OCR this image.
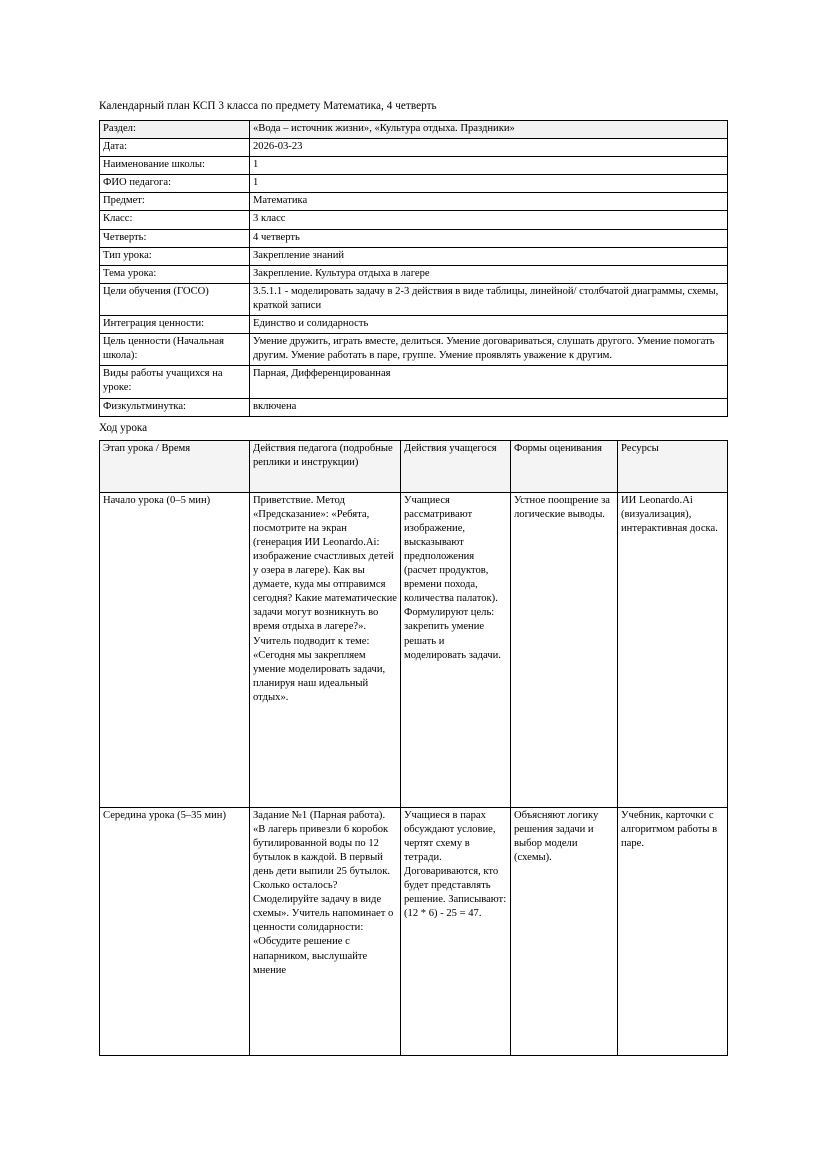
Календарный план КСП 3 класса по предмету Математика, 4 четверть
Раздел:	«Вода – источник жизни», «Культура отдыха. Праздники»
Дата:	2026-03-23
Наименование школы:	1
ФИО педагога:	1
Предмет:	Математика
Класс:	3 класс
Четверть:	4 четверть
Тип урока:	Закрепление знаний
Тема урока:	Закрепление. Культура отдыха в лагере
Цели обучения (ГОСО)	3.5.1.1 - моделировать задачу в 2-3 действия в виде таблицы, линейной/ столбчатой диаграммы, схемы, краткой записи
Интеграция ценности:	Единство и солидарность
Цель ценности (Начальная школа):	Умение дружить, играть вместе, делиться. Умение договариваться, слушать другого. Умение помогать другим. Умение работать в паре, группе. Умение проявлять уважение к другим.
Виды работы учащихся на уроке:	Парная, Дифференцированная
Физкультминутка:	включена
Ход урока
Этап урока / Время	Действия педагога (подробные реплики и инструкции)	Действия учащегося	Формы оценивания	Ресурсы
Начало урока (0–5 мин)	Приветствие. Метод «Предсказание»: «Ребята, посмотрите на экран (генерация ИИ Leonardo.Ai: изображение счастливых детей у озера в лагере). Как вы думаете, куда мы отправимся сегодня? Какие математические задачи могут возникнуть во время отдыха в лагере?». Учитель подводит к теме: «Сегодня мы закрепляем умение моделировать задачи, планируя наш идеальный отдых».	Учащиеся рассматривают изображение, высказывают предположения (расчет продуктов, времени похода, количества палаток). Формулируют цель: закрепить умение решать и моделировать задачи.	Устное поощрение за логические выводы.	ИИ Leonardo.Ai (визуализация), интерактивная доска.
Середина урока (5–35 мин)	Задание №1 (Парная работа). «В лагерь привезли 6 коробок бутилированной воды по 12 бутылок в каждой. В первый день дети выпили 25 бутылок. Сколько осталось? Смоделируйте задачу в виде схемы». Учитель напоминает о ценности солидарности: «Обсудите решение с напарником, выслушайте мнение	Учащиеся в парах обсуждают условие, чертят схему в тетради. Договариваются, кто будет представлять решение. Записывают: (12 * 6) - 25 = 47.	Объясняют логику решения задачи и выбор модели (схемы).	Учебник, карточки с алгоритмом работы в паре.
